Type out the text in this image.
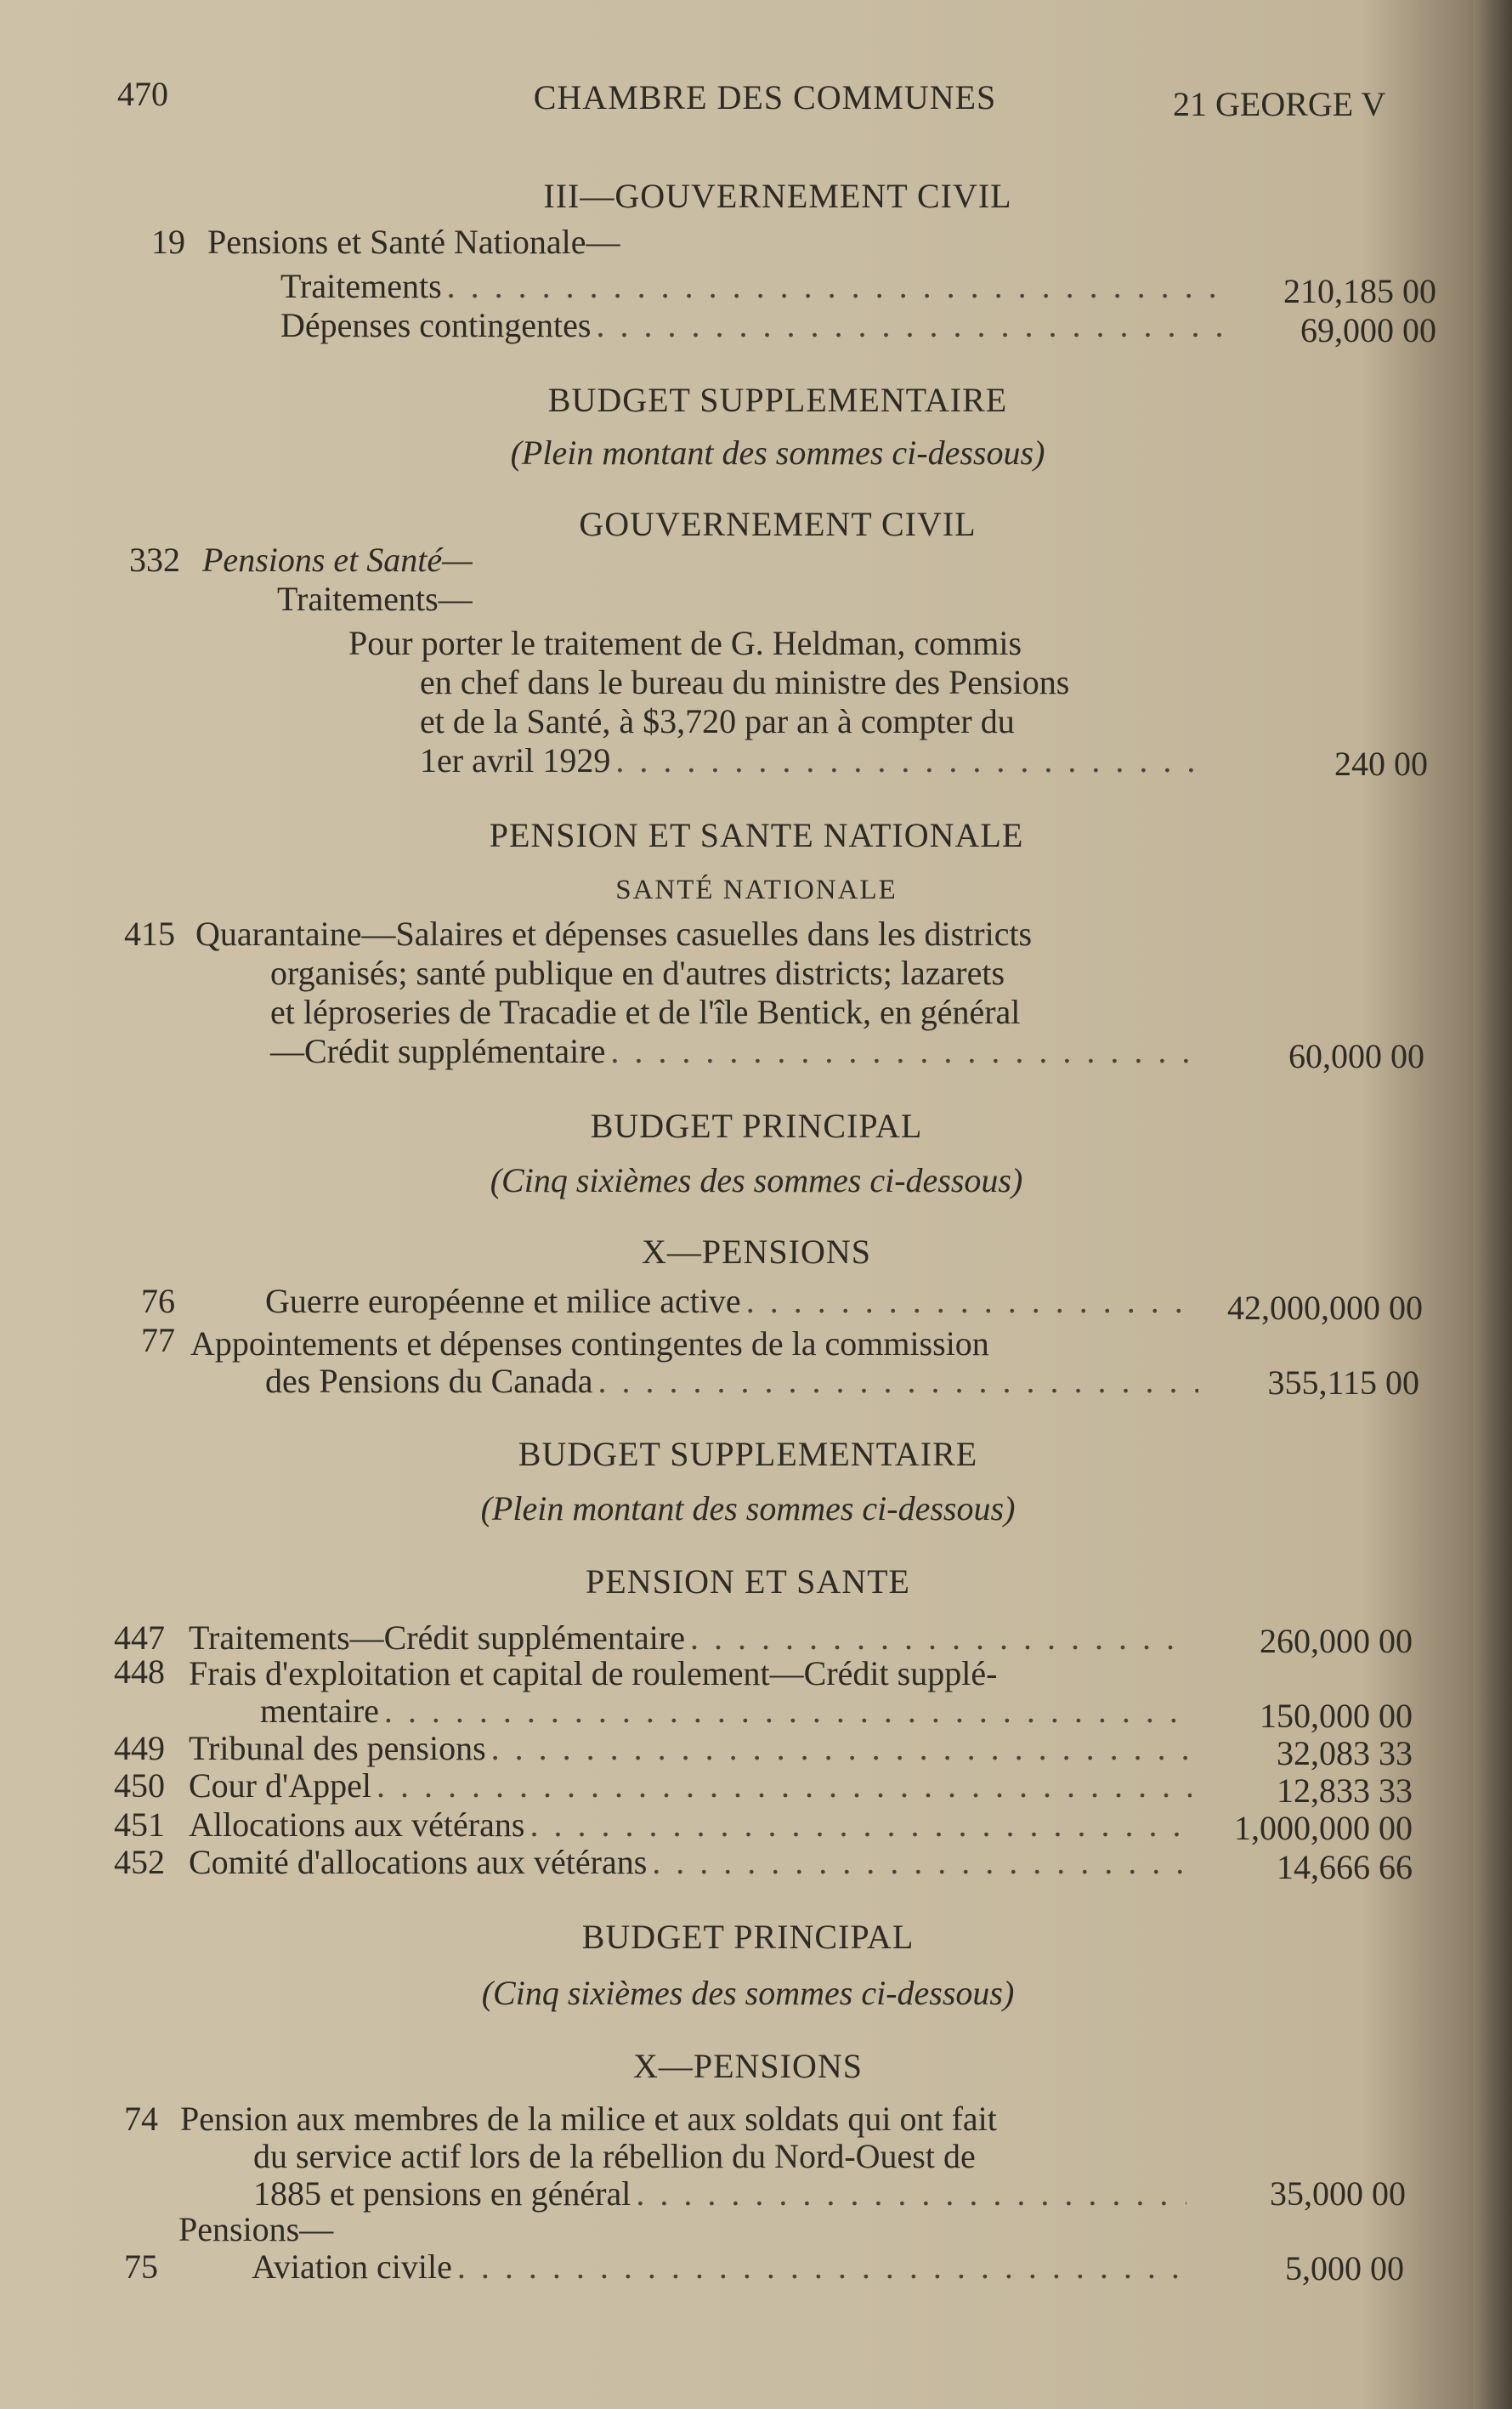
470	CHAMBRE DES COMMUNES	21 GEORGE V
III—GOUVERNEMENT CIVIL
19 Pensions et Santé Nationale—
Traitements . . .	210,185 00
Dépenses contingentes . . .	69,000 00
BUDGET SUPPLEMENTAIRE
(Plein montant des sommes ci-dessous)
GOUVERNEMENT CIVIL
332 Pensions et Santé—
Traitements—
Pour porter le traitement de G. Heldman, commis
en chef dans le bureau du ministre des Pensions
et de la Santé, à $3,720 par an à compter du
1er avril 1929 . . .	240 00
PENSION ET SANTE NATIONALE
SANTÉ NATIONALE
415 Quarantaine—Salaires et dépenses casuelles dans les districts
organisés; santé publique en d'autres districts; lazarets
et léproseries de Tracadie et de l'île Bentick, en général
—Crédit supplémentaire . . .	60,000 00
BUDGET PRINCIPAL
(Cinq sixièmes des sommes ci-dessous)
X—PENSIONS
76	Guerre européenne et milice active . . .	42,000,000 00
77 Appointements et dépenses contingentes de la commission
des Pensions du Canada . . .	355,115 00
BUDGET SUPPLEMENTAIRE
(Plein montant des sommes ci-dessous)
PENSION ET SANTE
447 Traitements—Crédit supplémentaire . . .	260,000 00
448 Frais d'exploitation et capital de roulement—Crédit supplé-
mentaire . . .	150,000 00
449 Tribunal des pensions . . .	32,083 33
450 Cour d'Appel . . .	12,833 33
451 Allocations aux vétérans . . .	1,000,000 00
452 Comité d'allocations aux vétérans . . .	14,666 66
BUDGET PRINCIPAL
(Cinq sixièmes des sommes ci-dessous)
X—PENSIONS
74 Pension aux membres de la milice et aux soldats qui ont fait
du service actif lors de la rébellion du Nord-Ouest de
1885 et pensions en général . . .	35,000 00
Pensions—
75	Aviation civile . . .	5,000 00
